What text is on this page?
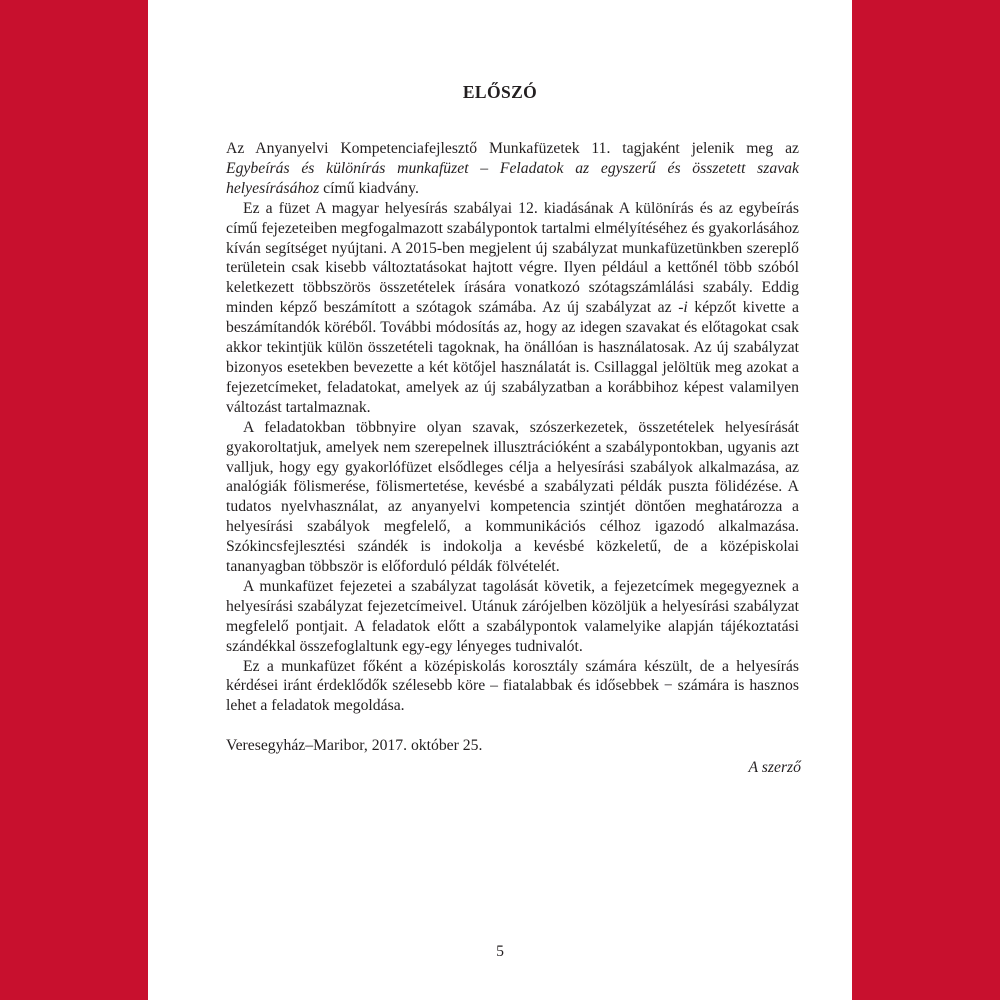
ELŐSZÓ

Az Anyanyelvi Kompetenciafejlesztő Munkafüzetek 11. tagjaként jelenik meg az Egybeírás és különírás munkafüzet – Feladatok az egyszerű és összetett szavak helyesírásához című kiadvány.

Ez a füzet A magyar helyesírás szabályai 12. kiadásának A különírás és az egybeírás című fejezeteiben megfogalmazott szabálypontok tartalmi elmélyítéséhez és gyakorlásához kíván segítséget nyújtani. A 2015-ben megjelent új szabályzat munkafüzetünkben szereplő területein csak kisebb változtatásokat hajtott végre. Ilyen például a kettőnél több szóból keletkezett többszörös összetételek írására vonatkozó szótagszámlálási szabály. Eddig minden képző beszámított a szótagok számába. Az új szabályzat az -i képzőt kivette a beszámítandók köréből. További módosítás az, hogy az idegen szavakat és előtagokat csak akkor tekintjük külön összetételi tagoknak, ha önállóan is használatosak. Az új szabályzat bizonyos esetekben bevezette a két kötőjel használatát is. Csillaggal jelöltük meg azokat a fejezetcímeket, feladatokat, amelyek az új szabályzatban a korábbihoz képest valamilyen változást tartalmaznak.

A feladatokban többnyire olyan szavak, szószerkezetek, összetételek helyesírását gyakoroltatjuk, amelyek nem szerepelnek illusztrációként a szabálypontokban, ugyanis azt valljuk, hogy egy gyakorlófüzet elsődleges célja a helyesírási szabályok alkalmazása, az analógiák fölismerése, fölismertetése, kevésbé a szabályzati példák puszta fölidézése. A tudatos nyelvhasználat, az anyanyelvi kompetencia szintjét döntően meghatározza a helyesírási szabályok megfelelő, a kommunikációs célhoz igazodó alkalmazása. Szókincsfejlesztési szándék is indokolja a kevésbé közkeletű, de a középiskolai tananyagban többször is előforduló példák fölvételét.

A munkafüzet fejezetei a szabályzat tagolását követik, a fejezetcímek megegyeznek a helyesírási szabályzat fejezetcímeivel. Utánuk zárójelben közöljük a helyesírási szabályzat megfelelő pontjait. A feladatok előtt a szabálypontok valamelyike alapján tájékoztatási szándékkal összefoglaltunk egy-egy lényeges tudnivalót.

Ez a munkafüzet főként a középiskolás korosztály számára készült, de a helyesírás kérdései iránt érdeklődők szélesebb köre – fiatalabbak és idősebbek − számára is hasznos lehet a feladatok megoldása.

Veresegyház–Maribor, 2017. október 25.
A szerző
5
